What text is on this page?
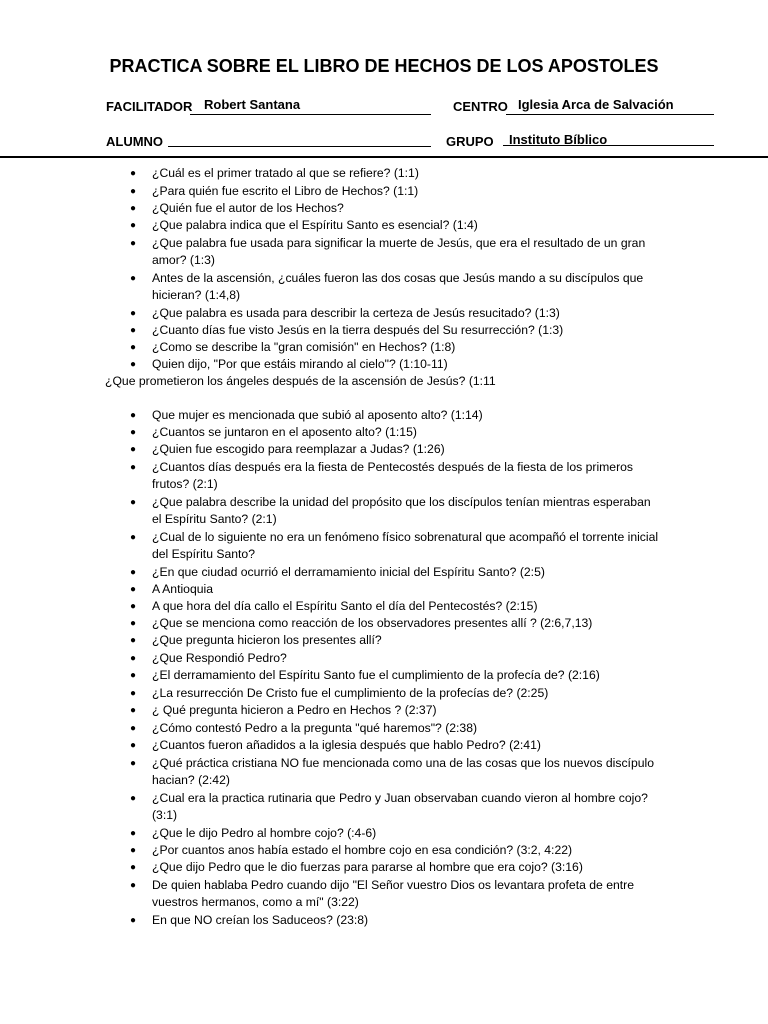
PRACTICA SOBRE EL LIBRO DE HECHOS DE LOS APOSTOLES
FACILITADOR Robert Santana	CENTRO Iglesia Arca de Salvación
ALUMNO	GRUPO	Instituto Bíblico
● ¿Cuál es el primer tratado al que se refiere? (1:1)
● ¿Para quién fue escrito el Libro de Hechos? (1:1)
● ¿Quién fue el autor de los Hechos?
● ¿Que palabra indica que el Espíritu Santo es esencial? (1:4)
● ¿Que palabra fue usada para significar la muerte de Jesús, que era el resultado de un gran amor? (1:3)
● Antes de la ascensión, ¿cuáles fueron las dos cosas que Jesús mando a su discípulos que hicieran? (1:4,8)
● ¿Que palabra es usada para describir la certeza de Jesús resucitado? (1:3)
● ¿Cuanto días fue visto Jesús en la tierra después del Su resurrección? (1:3)
● ¿Como se describe la "gran comisión" en Hechos? (1:8)
● Quien dijo, "Por que estáis mirando al cielo"? (1:10-11)
¿Que prometieron los ángeles después de la ascensión de Jesús? (1:11
● Que mujer es mencionada que subió al aposento alto? (1:14)
● ¿Cuantos se juntaron en el aposento alto? (1:15)
● ¿Quien fue escogido para reemplazar a Judas? (1:26)
● ¿Cuantos días después era la fiesta de Pentecostés después de la fiesta de los primeros frutos? (2:1)
● ¿Que palabra describe la unidad del propósito que los discípulos tenían mientras esperaban el Espíritu Santo? (2:1)
● ¿Cual de lo siguiente no era un fenómeno físico sobrenatural que acompañó el torrente inicial del Espíritu Santo?
● ¿En que ciudad ocurrió el derramamiento inicial del Espíritu Santo? (2:5)
● A Antioquia
● A que hora del día callo el Espíritu Santo el día del Pentecostés? (2:15)
● ¿Que se menciona como reacción de los observadores presentes allí ? (2:6,7,13)
● ¿Que pregunta hicieron los presentes allí?
● ¿Que Respondió Pedro?
● ¿El derramamiento del Espíritu Santo fue el cumplimiento de la profecía de? (2:16)
● ¿La resurrección De Cristo fue el cumplimiento de la profecías de? (2:25)
● ¿ Qué pregunta hicieron a Pedro en Hechos ? (2:37)
● ¿Cómo contestó Pedro a la pregunta "qué haremos"? (2:38)
● ¿Cuantos fueron añadidos a la iglesia después que hablo Pedro? (2:41)
● ¿Qué práctica cristiana NO fue mencionada como una de las cosas que los nuevos discípulo hacian? (2:42)
● ¿Cual era la practica rutinaria que Pedro y Juan observaban cuando vieron al hombre cojo? (3:1)
● ¿Que le dijo Pedro al hombre cojo? (:4-6)
● ¿Por cuantos anos había estado el hombre cojo en esa condición? (3:2, 4:22)
● ¿Que dijo Pedro que le dio fuerzas para pararse al hombre que era cojo? (3:16)
● De quien hablaba Pedro cuando dijo "El Señor vuestro Dios os levantara profeta de entre vuestros hermanos, como a mí" (3:22)
● En que NO creían los Saduceos? (23:8)
